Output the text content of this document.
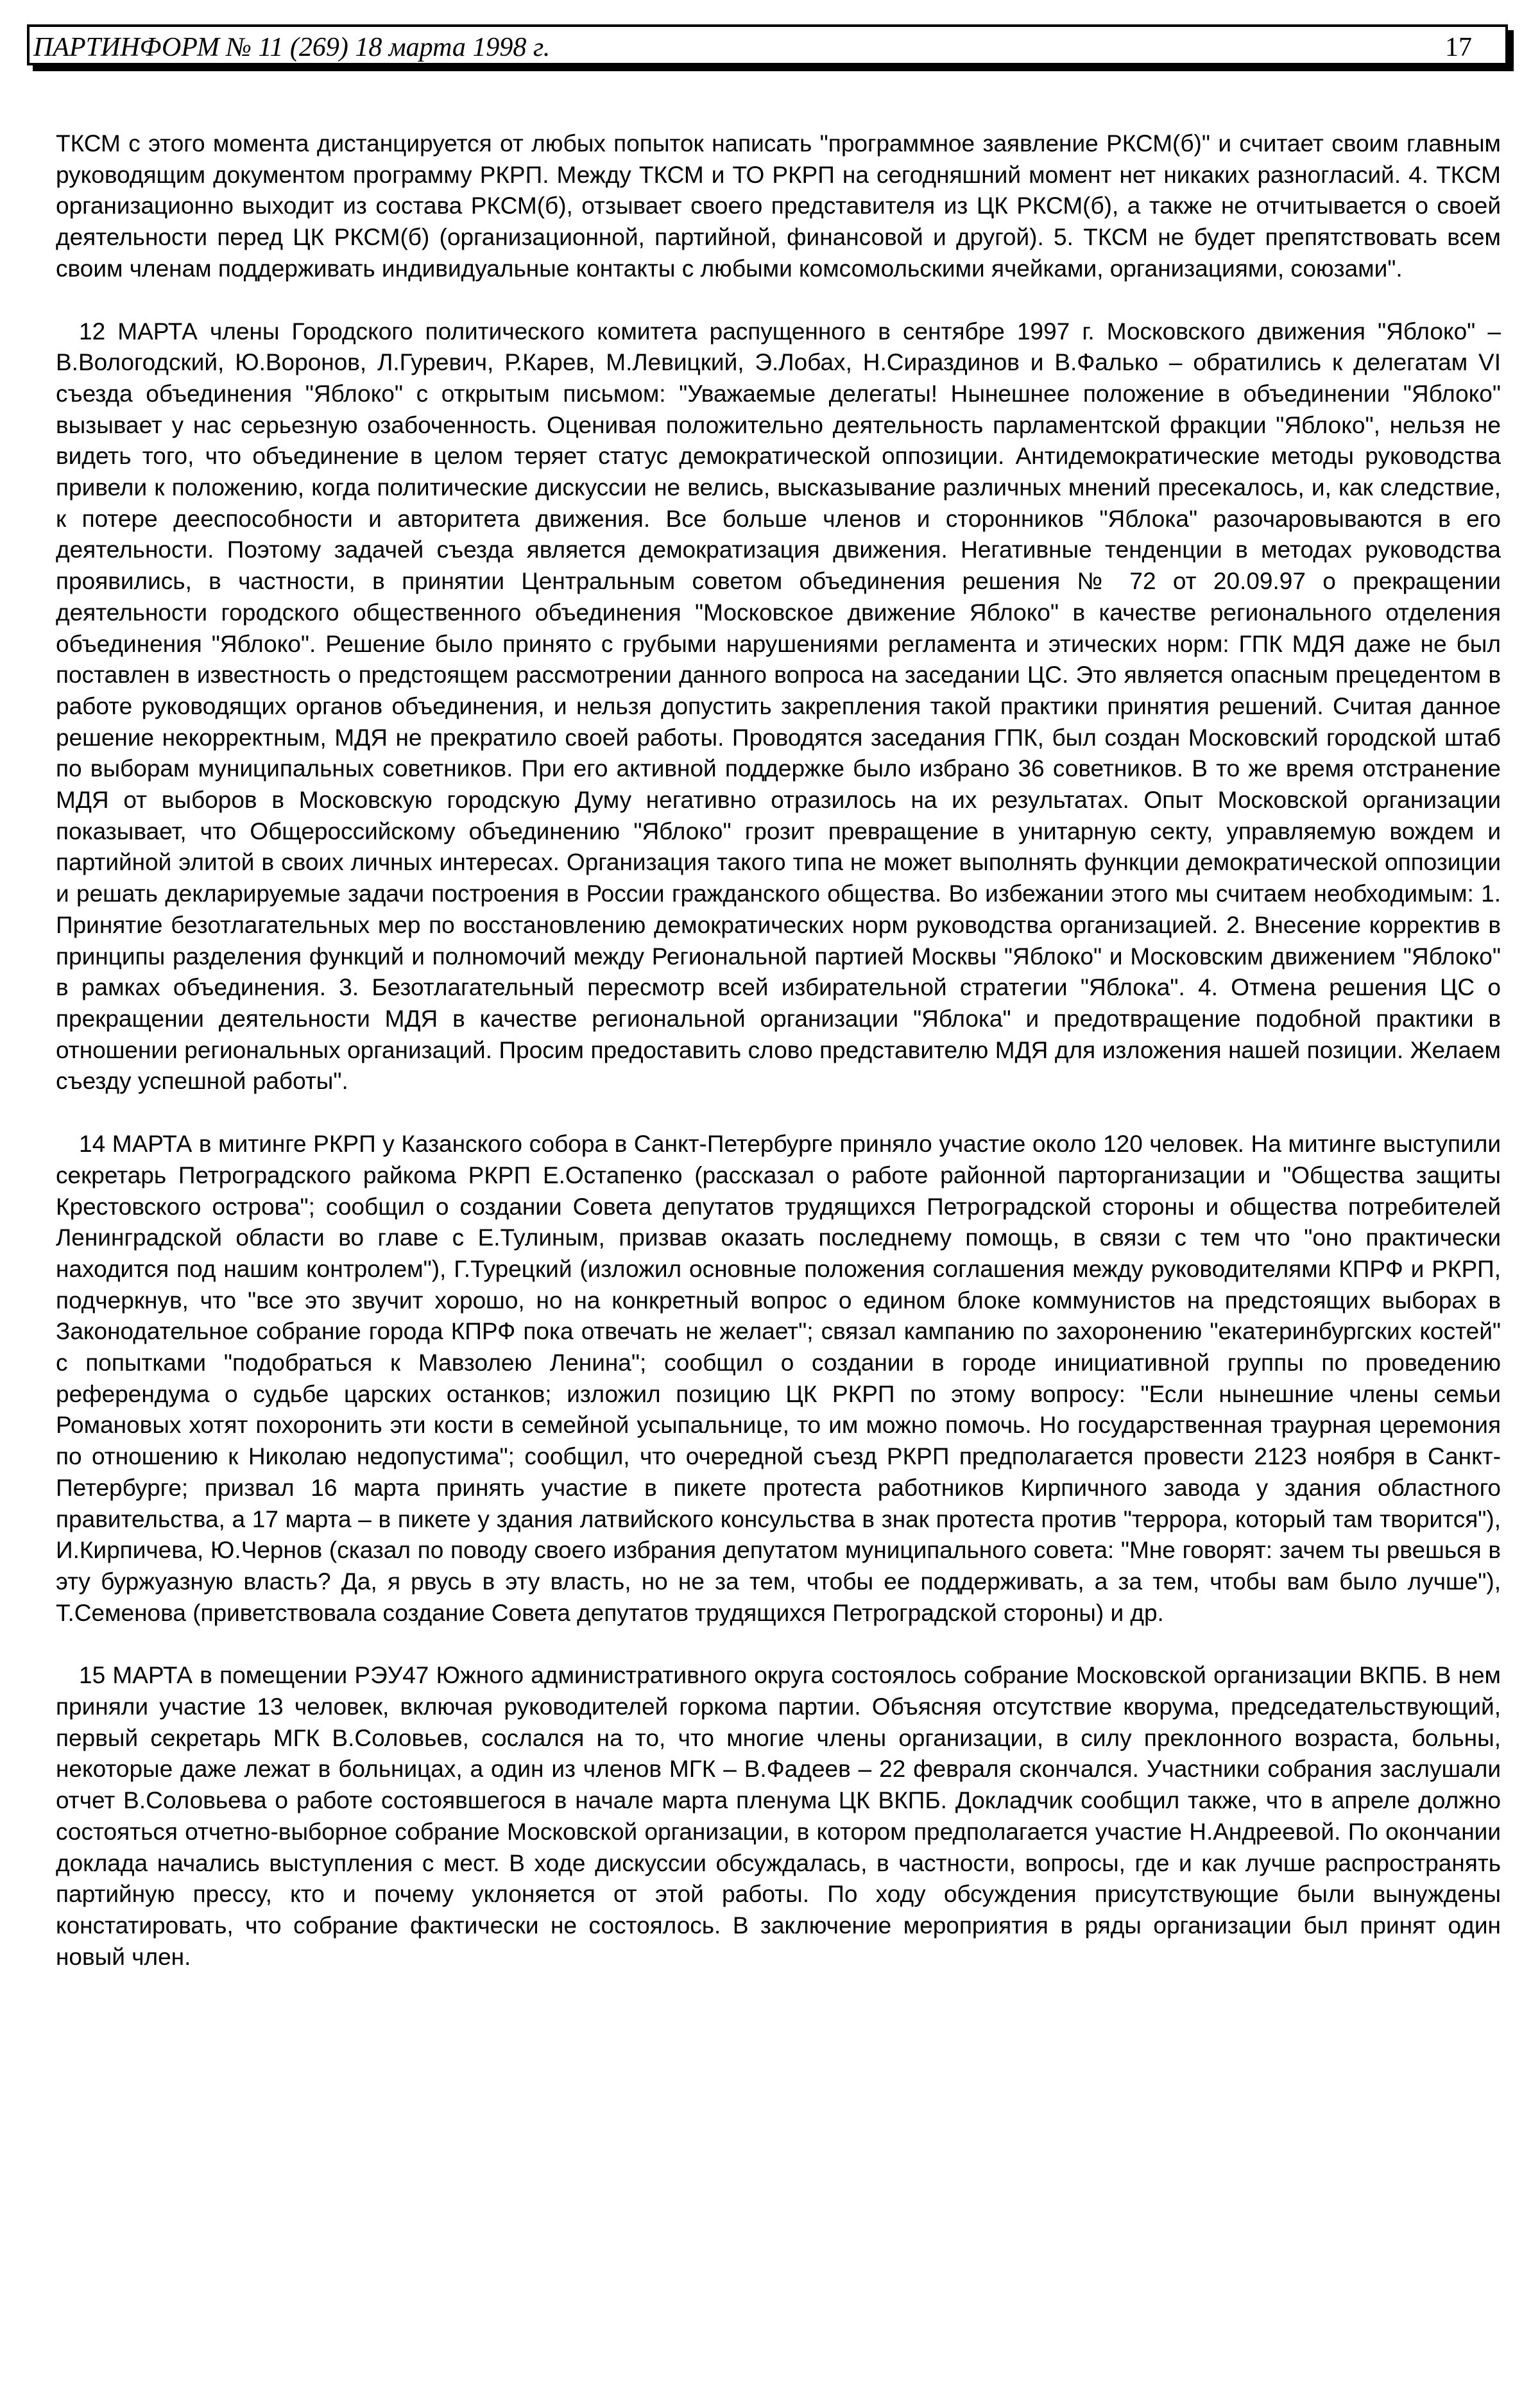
ПАРТИНФОРМ № 11 (269) 18 марта 1998 г.	17

ТКСМ с этого момента дистанцируется от любых попыток написать "программное заявление РКСМ(б)" и считает своим главным руководящим документом программу РКРП. Между ТКСМ и ТО РКРП на сегодняшний момент нет никаких разногласий. 4. ТКСМ организационно выходит из состава РКСМ(б), отзывает своего представителя из ЦК РКСМ(б), а также не отчитывается о своей деятельности перед ЦК РКСМ(б) (организационной, партийной, финансовой и другой). 5. ТКСМ не будет препятствовать всем своим членам поддерживать индивидуальные контакты с любыми комсомольскими ячейками, организациями, союзами".

12 МАРТА члены Городского политического комитета распущенного в сентябре 1997 г. Московского движения "Яблоко" – В.Вологодский, Ю.Воронов, Л.Гуревич, Р.Карев, М.Левицкий, Э.Лобах, Н.Сираздинов и В.Фалько – обратились к делегатам VI съезда объединения "Яблоко" с открытым письмом: "Уважаемые делегаты! Нынешнее положение в объединении "Яблоко" вызывает у нас серьезную озабоченность. Оценивая положительно деятельность парламентской фракции "Яблоко", нельзя не видеть того, что объединение в целом теряет статус демократической оппозиции. Антидемократические методы руководства привели к положению, когда политические дискуссии не велись, высказывание различных мнений пресекалось, и, как следствие, к потере дееспособности и авторитета движения. Все больше членов и сторонников "Яблока" разочаровываются в его деятельности. Поэтому задачей съезда является демократизация движения. Негативные тенденции в методах руководства проявились, в частности, в принятии Центральным советом объединения решения № 72 от 20.09.97 о прекращении деятельности городского общественного объединения "Московское движение Яблоко" в качестве регионального отделения объединения "Яблоко". Решение было принято с грубыми нарушениями регламента и этических норм: ГПК МДЯ даже не был поставлен в известность о предстоящем рассмотрении данного вопроса на заседании ЦС. Это является опасным прецедентом в работе руководящих органов объединения, и нельзя допустить закрепления такой практики принятия решений. Считая данное решение некорректным, МДЯ не прекратило своей работы. Проводятся заседания ГПК, был создан Московский городской штаб по выборам муниципальных советников. При его активной поддержке было избрано 36 советников. В то же время отстранение МДЯ от выборов в Московскую городскую Думу негативно отразилось на их результатах. Опыт Московской организации показывает, что Общероссийскому объединению "Яблоко" грозит превращение в унитарную секту, управляемую вождем и партийной элитой в своих личных интересах. Организация такого типа не может выполнять функции демократической оппозиции и решать декларируемые задачи построения в России гражданского общества. Во избежании этого мы считаем необходимым: 1. Принятие безотлагательных мер по восстановлению демократических норм руководства организацией. 2. Внесение корректив в принципы разделения функций и полномочий между Региональной партией Москвы "Яблоко" и Московским движением "Яблоко" в рамках объединения. 3. Безотлагательный пересмотр всей избирательной стратегии "Яблока". 4. Отмена решения ЦС о прекращении деятельности МДЯ в качестве региональной организации "Яблока" и предотвращение подобной практики в отношении региональных организаций. Просим предоставить слово представителю МДЯ для изложения нашей позиции. Желаем съезду успешной работы".

14 МАРТА в митинге РКРП у Казанского собора в Санкт-Петербурге приняло участие около 120 человек. На митинге выступили секретарь Петроградского райкома РКРП Е.Остапенко (рассказал о работе районной парторганизации и "Общества защиты Крестовского острова"; сообщил о создании Совета депутатов трудящихся Петроградской стороны и общества потребителей Ленинградской области во главе с Е.Тулиным, призвав оказать последнему помощь, в связи с тем что "оно практически находится под нашим контролем"), Г.Турецкий (изложил основные положения соглашения между руководителями КПРФ и РКРП, подчеркнув, что "все это звучит хорошо, но на конкретный вопрос о едином блоке коммунистов на предстоящих выборах в Законодательное собрание города КПРФ пока отвечать не желает"; связал кампанию по захоронению "екатеринбургских костей" с попытками "подобраться к Мавзолею Ленина"; сообщил о создании в городе инициативной группы по проведению референдума о судьбе царских останков; изложил позицию ЦК РКРП по этому вопросу: "Если нынешние члены семьи Романовых хотят похоронить эти кости в семейной усыпальнице, то им можно помочь. Но государственная траурная церемония по отношению к Николаю недопустима"; сообщил, что очередной съезд РКРП предполагается провести 2123 ноября в Санкт-Петербурге; призвал 16 марта принять участие в пикете протеста работников Кирпичного завода у здания областного правительства, а 17 марта – в пикете у здания латвийского консульства в знак протеста против "террора, который там творится"), И.Кирпичева, Ю.Чернов (сказал по поводу своего избрания депутатом муниципального совета: "Мне говорят: зачем ты рвешься в эту буржуазную власть? Да, я рвусь в эту власть, но не за тем, чтобы ее поддерживать, а за тем, чтобы вам было лучше"), Т.Семенова (приветствовала создание Совета депутатов трудящихся Петроградской стороны) и др.

15 МАРТА в помещении РЭУ47 Южного административного округа состоялось собрание Московской организации ВКПБ. В нем приняли участие 13 человек, включая руководителей горкома партии. Объясняя отсутствие кворума, председательствующий, первый секретарь МГК В.Соловьев, сослался на то, что многие члены организации, в силу преклонного возраста, больны, некоторые даже лежат в больницах, а один из членов МГК – В.Фадеев – 22 февраля скончался. Участники собрания заслушали отчет В.Соловьева о работе состоявшегося в начале марта пленума ЦК ВКПБ. Докладчик сообщил также, что в апреле должно состояться отчетно-выборное собрание Московской организации, в котором предполагается участие Н.Андреевой. По окончании доклада начались выступления с мест. В ходе дискуссии обсуждалась, в частности, вопросы, где и как лучше распространять партийную прессу, кто и почему уклоняется от этой работы. По ходу обсуждения присутствующие были вынуждены констатировать, что собрание фактически не состоялось. В заключение мероприятия в ряды организации был принят один новый член.
